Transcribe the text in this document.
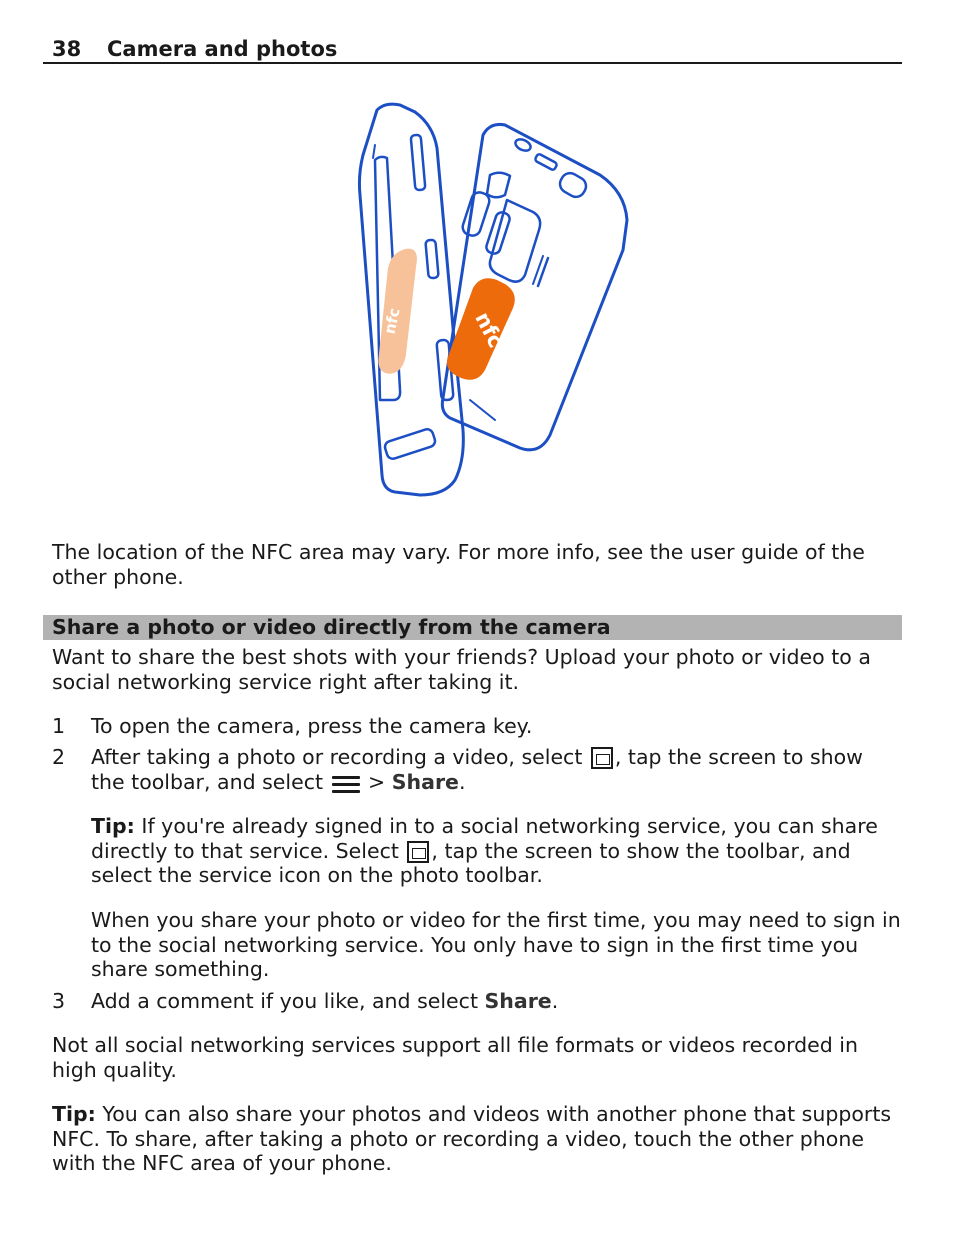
38 Camera and photos
nfc	nfc

The location of the NFC area may vary. For more info, see the user guide of the other phone.

Share a photo or video directly from the camera

Want to share the best shots with your friends? Upload your photo or video to a social networking service right after taking it.

1 To open the camera, press the camera key.

2 After taking a photo or recording a video, select , tap the screen to show the toolbar, and select
> Share.

Tip: If you're already signed in to a social networking service, you can share directly to that service. Select , tap the screen to show the toolbar, and select the service icon on the photo toolbar.

When you share your photo or video for the first time, you may need to sign in to the social networking service. You only have to sign in the first time you share something.

3 Add a comment if you like, and select Share.

Not all social networking services support all file formats or videos recorded in high quality.

Tip: You can also share your photos and videos with another phone that supports NFC. To share, after taking a photo or recording a video, touch the other phone with the NFC area of your phone.
